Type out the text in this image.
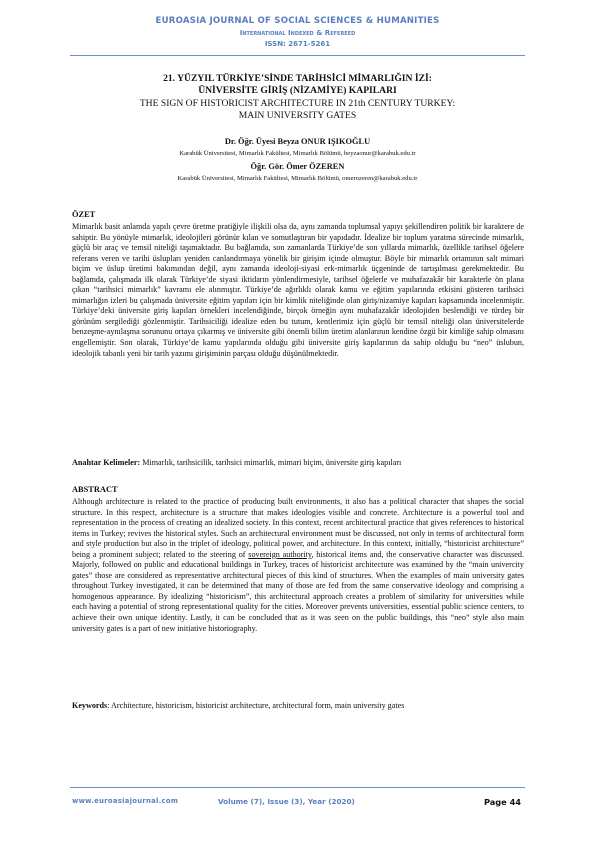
EUROASIA JOURNAL OF SOCIAL SCIENCES & HUMANITIES
International Indexed & Refereed
ISSN: 2671-5261
21. YÜZYIL TÜRKİYE’SİNDE TARİHSİCİ MİMARLIĞIN İZİ:
ÜNİVERSİTE GİRİŞ (NİZAMİYE) KAPILARI
THE SIGN OF HISTORICIST ARCHITECTURE IN 21th CENTURY TURKEY:
MAIN UNIVERSITY GATES
Dr. Öğr. Üyesi Beyza ONUR IŞIKOĞLU
Karabük Üniversitesi, Mimarlık Fakültesi, Mimarlık Bölümü, beyzaonur@karabuk.edu.tr
Öğr. Gör. Ömer ÖZEREN
Karabük Üniversitesi, Mimarlık Fakültesi, Mimarlık Bölümü, omerozeren@karabuk.edu.tr
ÖZET
Mimarlık basit anlamda yapılı çevre üretme pratiğiyle ilişkili olsa da, aynı zamanda toplumsal yapıyı şekillendiren politik bir karaktere de sahiptir. Bu yönüyle mimarlık, ideolojileri görünür kılan ve somutlaştıran bir yapıdadır. İdealize bir toplum yaratma sürecinde mimarlık, güçlü bir araç ve temsil niteliği taşımaktadır. Bu bağlamda, son zamanlarda Türkiye’de son yıllarda mimarlık, özellikle tarihsel öğelere referans veren ve tarihi üslupları yeniden canlandırmaya yönelik bir girişim içinde olmuştur. Böyle bir mimarlık ortamının salt mimari biçim ve üslup üretimi bakımından değil, aynı zamanda ideoloji-siyasi erk-mimarlık üçgeninde de tartışılması gerekmektedir. Bu bağlamda, çalışmada ilk olarak Türkiye’de siyasi iktidarın yönlendirmesiyle, tarihsel öğelerle ve muhafazakâr bir karakterle ön plana çıkan “tarihsici mimarlık” kavramı ele alınmıştır. Türkiye’de ağırlıklı olarak kamu ve eğitim yapılarında etkisini gösteren tarihsici mimarlığın izleri bu çalışmada üniversite eğitim yapıları için bir kimlik niteliğinde olan giriş/nizamiye kapıları kapsamında incelenmiştir. Türkiye’deki üniversite giriş kapıları örnekleri incelendiğinde, birçok örneğin aynı muhafazakâr ideolojiden beslendiği ve türdeş bir görünüm sergilediği gözlenmiştir. Tarihsiciliği idealize eden bu tutum, kentlerimiz için güçlü bir temsil niteliği olan üniversitelerde benzeşme-aynılaşma sorununu ortaya çıkarmış ve üniversite gibi önemli bilim üretim alanlarının kendine özgü bir kimliğe sahip olmasını engellemiştir. Son olarak, Türkiye’de kamu yapılarında olduğu gibi üniversite giriş kapılarının da sahip olduğu bu “neo” üslubun, ideolojik tabanlı yeni bir tarih yazımı girişiminin parçası olduğu düşünülmektedir.
Anahtar Kelimeler: Mimarlık, tarihsicilik, tarihsici mimarlık, mimari biçim, üniversite giriş kapıları
ABSTRACT
Although architecture is related to the practice of producing built environments, it also has a political character that shapes the social structure. In this respect, architecture is a structure that makes ideologies visible and concrete. Architecture is a powerful tool and representation in the process of creating an idealized society. In this context, recent architectural practice that gives references to historical items in Turkey; revives the historical styles. Such an architectural environment must be discussed, not only in terms of architectural form and style production but also in the triplet of ideology, political power, and architecture. In this context, initially, “historicist architecture” being a prominent subject; related to the steering of sovereign authority, historical items and, the conservative character was discussed. Majorly, followed on public and educational buildings in Turkey, traces of historicist architecture was examined by the “main univercity gates” those are considered as representative architectural pieces of this kind of structures. When the examples of main university gates throughout Turkey investigated, it can be determined that many of those are fed from the same conservative ideology and comprising a homogenous appearance. By idealizing “historicism”, this architectural approach creates a problem of similarity for universities while each having a potential of strong representational quality for the cities. Moreover prevents universities, essential public science centers, to achieve their own unique identity. Lastly, it can be concluded that as it was seen on the public buildings, this “neo” style also main university gates is a part of new initiative historiography.
Keywords: Architecture, historicism, historicist architecture, architectural form, main university gates
www.euroasiajournal.com	Volume (7), Issue (3), Year (2020)	Page 44
